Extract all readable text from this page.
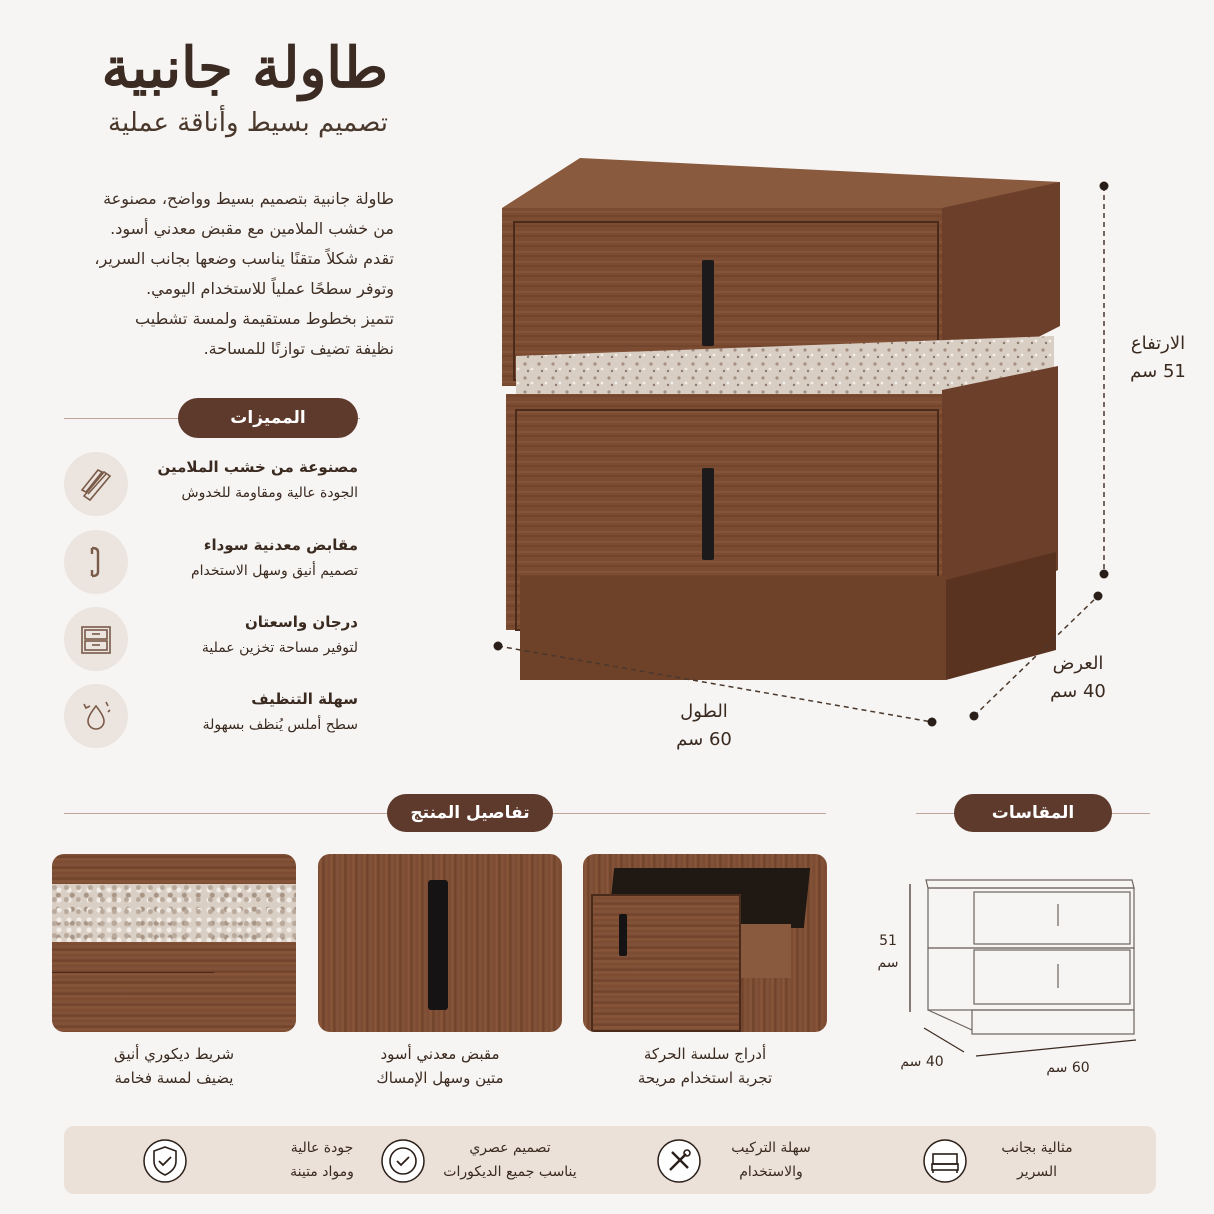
طاولة جانبية
تصميم بسيط وأناقة عملية
طاولة جانبية بتصميم بسيط وواضح، مصنوعة
من خشب الملامين مع مقبض معدني أسود.
تقدم شكلاً متقنًا يناسب وضعها بجانب السرير،
وتوفر سطحًا عملياً للاستخدام اليومي.
تتميز بخطوط مستقيمة ولمسة تشطيب
نظيفة تضيف توازنًا للمساحة.
المميزات
مصنوعة من خشب الملامين
الجودة عالية ومقاومة للخدوش
مقابض معدنية سوداء
تصميم أنيق وسهل الاستخدام
درجان واسعتان
لتوفير مساحة تخزين عملية
سهلة التنظيف
سطح أملس يُنظف بسهولة
الارتفاع
51 سم
العرض
40 سم
الطول
60 سم
تفاصيل المنتج	المقاسات
شريط ديكوري أنيق
يضيف لمسة فخامة
مقبض معدني أسود
متين وسهل الإمساك
أدراج سلسة الحركة
تجربة استخدام مريحة
51
سم
40 سم	60 سم
جودة عالية
ومواد متينة
تصميم عصري
يناسب جميع الديكورات
سهلة التركيب
والاستخدام
مثالية بجانب
السرير
